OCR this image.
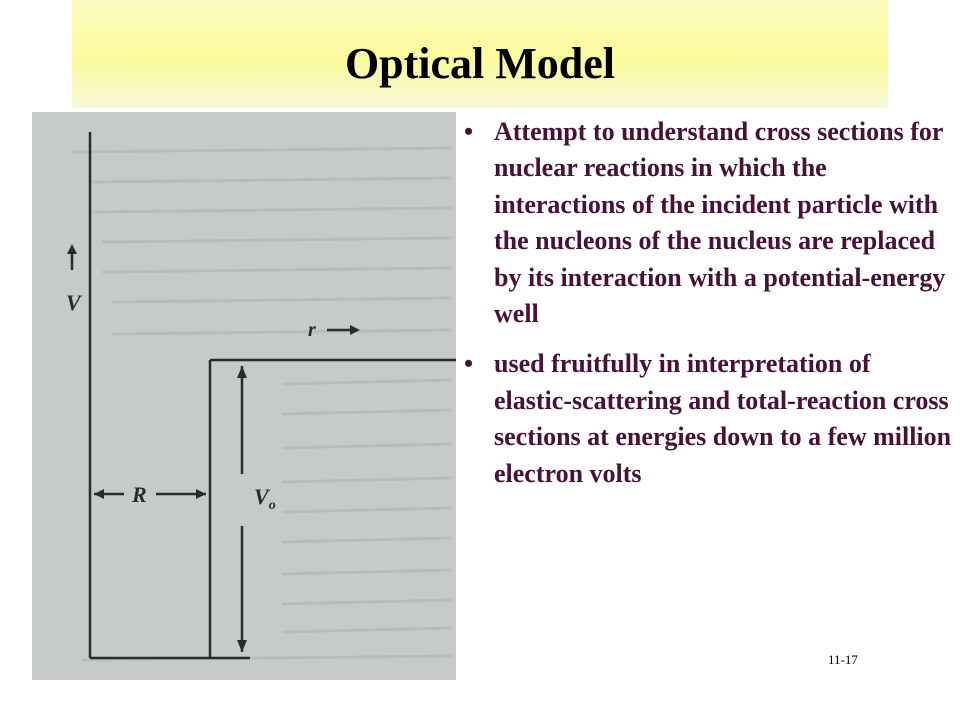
Optical Model
V
r
R	$V_o$
• Attempt to understand cross sections for nuclear reactions in which the interactions of the incident particle with the nucleons of the nucleus are replaced by its interaction with a potential-energy well
• used fruitfully in interpretation of elastic-scattering and total-reaction cross sections at energies down to a few million electron volts
11-17
